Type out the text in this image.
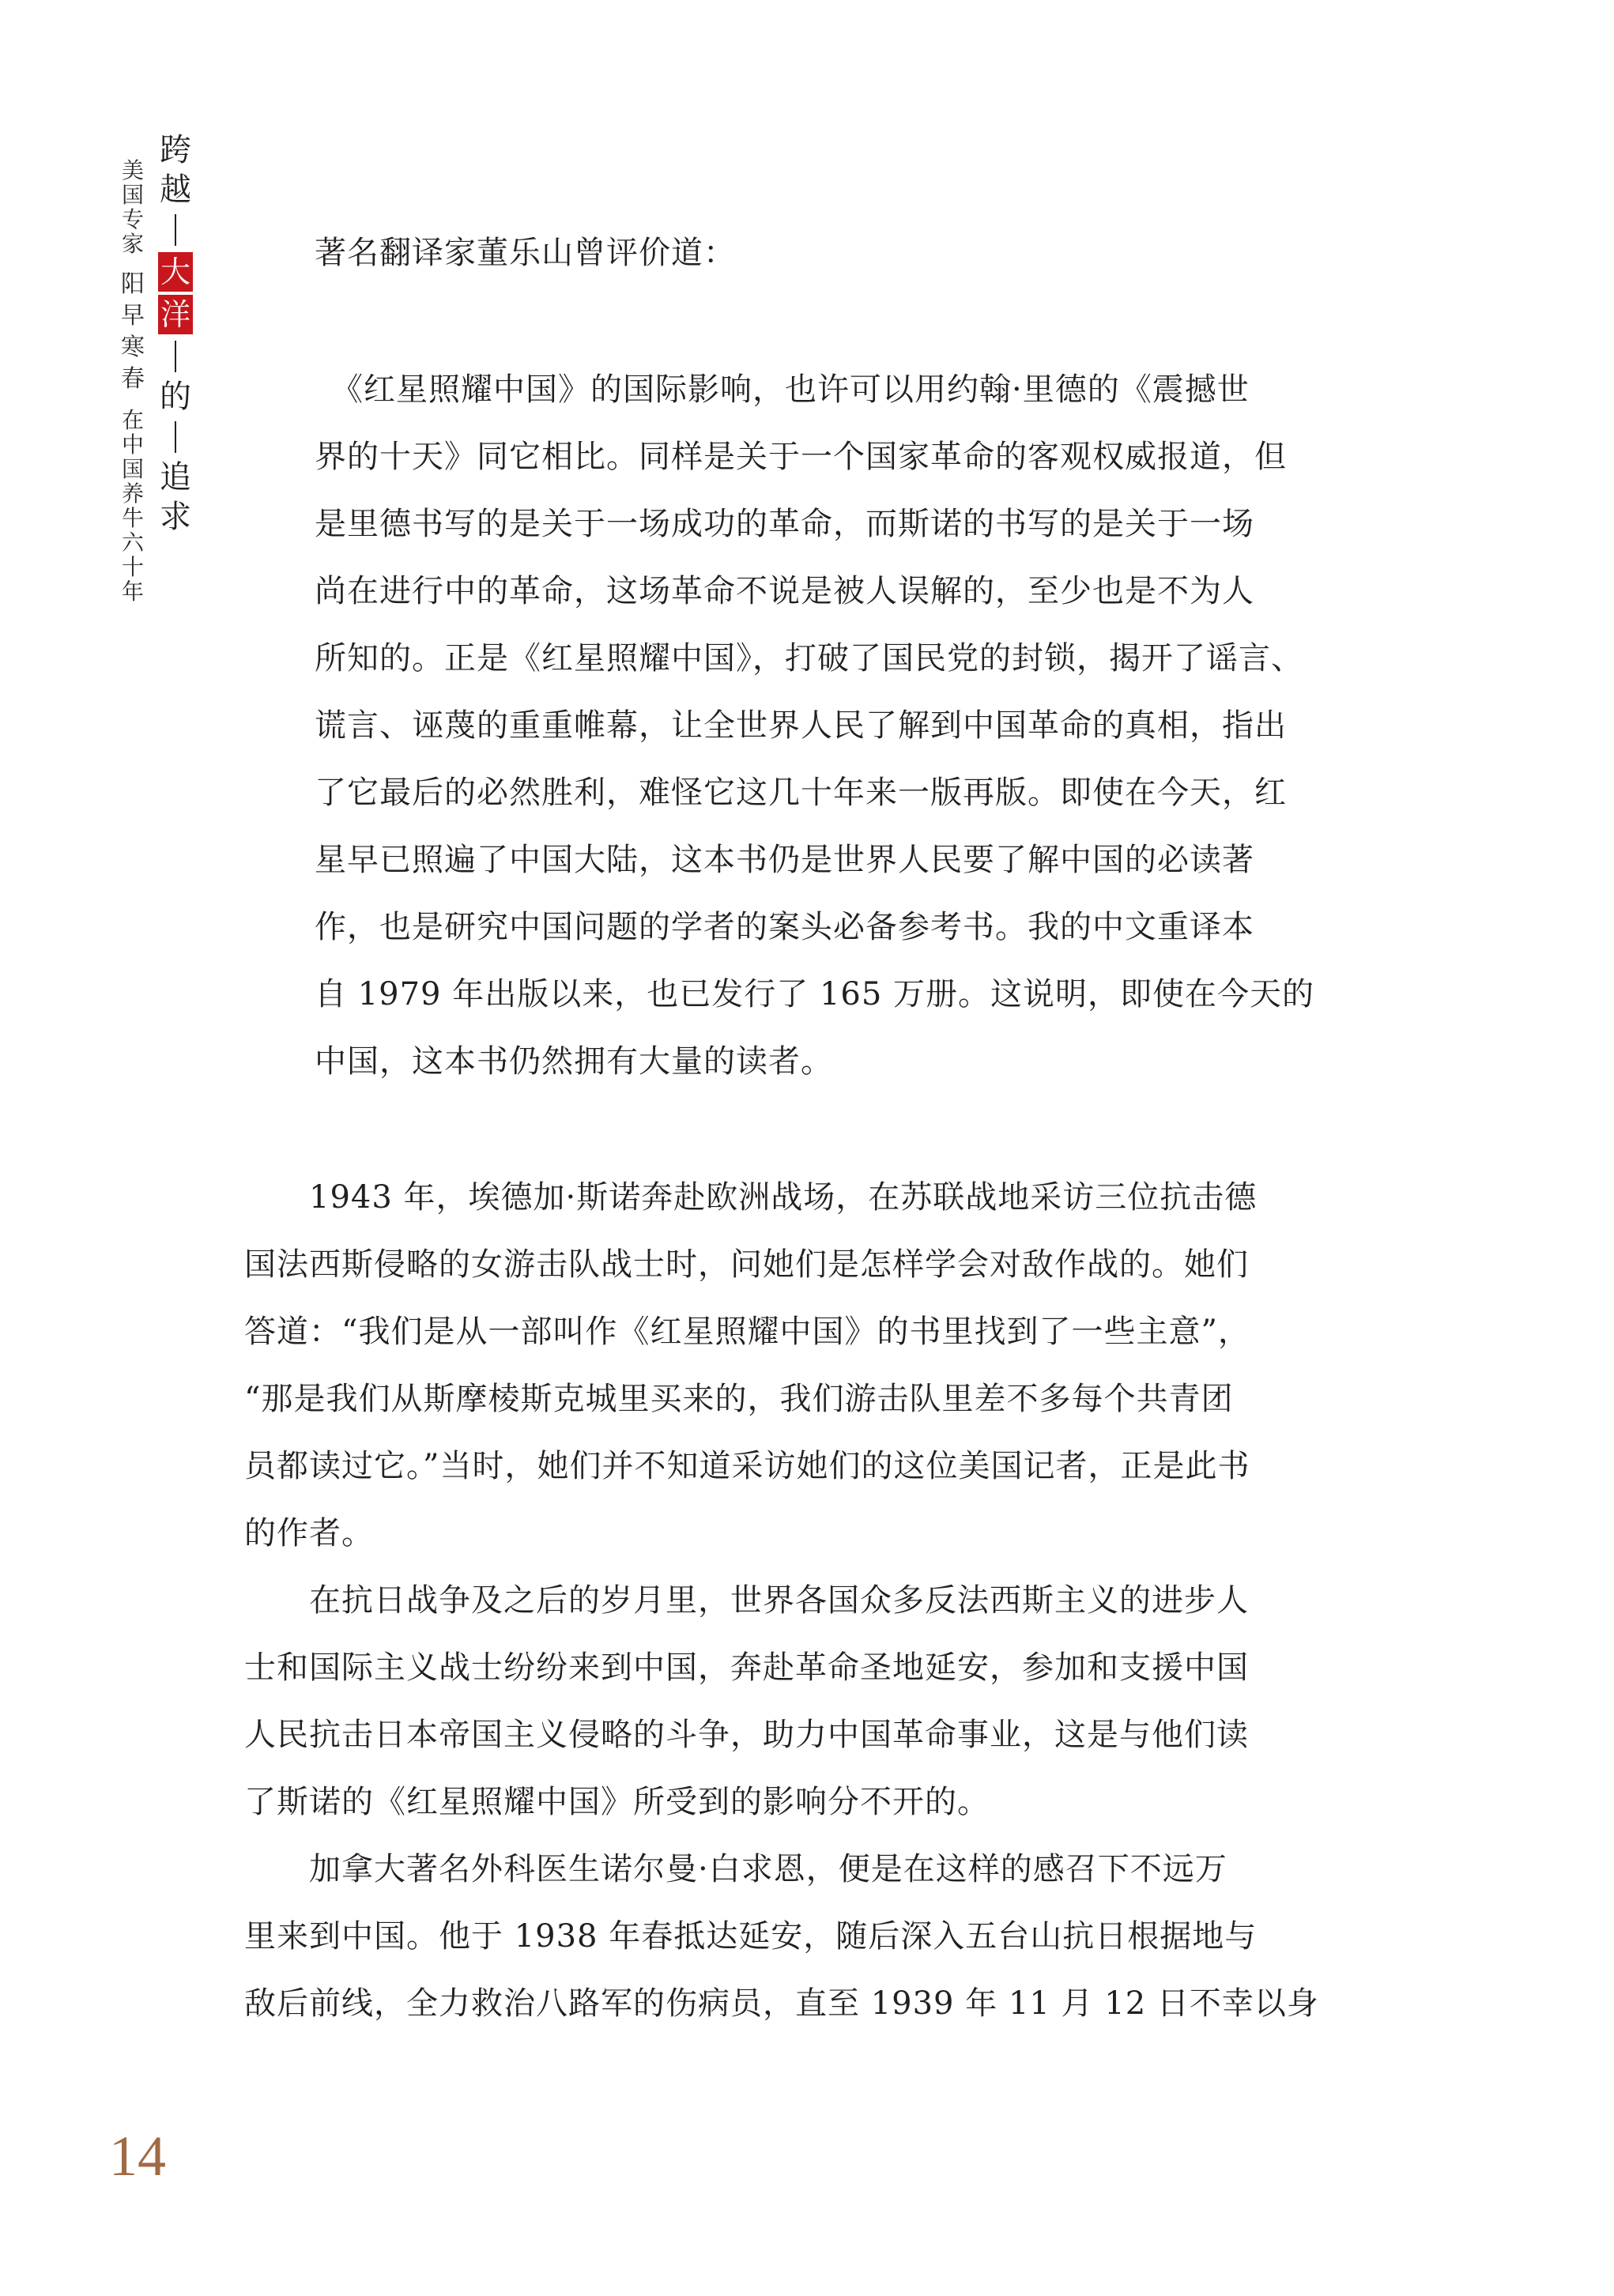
美国专家
阳早寒春
在中国养牛六十年
跨
越
大
洋
的
追
求
著名翻译家董乐山曾评价道：
　《红星照耀中国》的国际影响，也许可以用约翰·里德的《震撼世
界的十天》同它相比。同样是关于一个国家革命的客观权威报道，但
是里德书写的是关于一场成功的革命，而斯诺的书写的是关于一场
尚在进行中的革命，这场革命不说是被人误解的，至少也是不为人
所知的。正是《红星照耀中国》，打破了国民党的封锁，揭开了谣言、
谎言、诬蔑的重重帷幕，让全世界人民了解到中国革命的真相，指出
了它最后的必然胜利，难怪它这几十年来一版再版。即使在今天，红
星早已照遍了中国大陆，这本书仍是世界人民要了解中国的必读著
作，也是研究中国问题的学者的案头必备参考书。我的中文重译本
自 1979 年出版以来，也已发行了 165 万册。这说明，即使在今天的
中国，这本书仍然拥有大量的读者。
　　1943 年，埃德加·斯诺奔赴欧洲战场，在苏联战地采访三位抗击德
国法西斯侵略的女游击队战士时，问她们是怎样学会对敌作战的。她们
答道：“我们是从一部叫作《红星照耀中国》的书里找到了一些主意”，
“那是我们从斯摩棱斯克城里买来的，我们游击队里差不多每个共青团
员都读过它。”当时，她们并不知道采访她们的这位美国记者，正是此书
的作者。
　　在抗日战争及之后的岁月里，世界各国众多反法西斯主义的进步人
士和国际主义战士纷纷来到中国，奔赴革命圣地延安，参加和支援中国
人民抗击日本帝国主义侵略的斗争，助力中国革命事业，这是与他们读
了斯诺的《红星照耀中国》所受到的影响分不开的。
　　加拿大著名外科医生诺尔曼·白求恩，便是在这样的感召下不远万
里来到中国。他于 1938 年春抵达延安，随后深入五台山抗日根据地与
敌后前线，全力救治八路军的伤病员，直至 1939 年 11 月 12 日不幸以身
14
